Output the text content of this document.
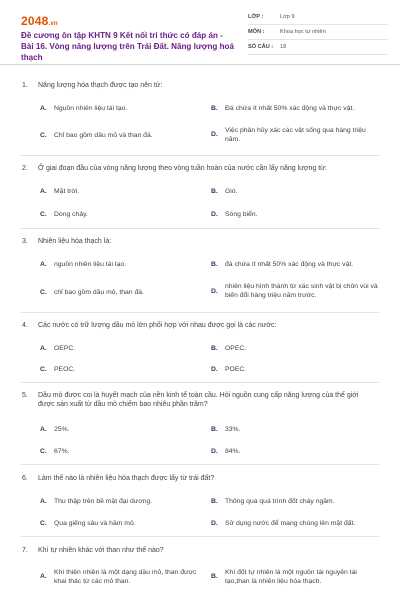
2048.vn
Đề cương ôn tập KHTN 9 Kết nối tri thức có đáp án - Bài 16. Vòng năng lượng trên Trái Đất. Năng lượng hoá thạch
LỚP :	Lớp 9
MÔN :	Khoa học tự nhiên
SỐ CÂU :	18
1. Năng lượng hóa thạch được tạo nên từ:
A. Nguồn nhiên liệu tái tạo.	B. Đá chứa ít nhất 50% xác động và thực vật.
C. Chỉ bao gồm dầu mỏ và than đá.	D.
Việc phân hủy xác các vật sống qua hàng triệu năm.
2. Ở giai đoạn đầu của vòng năng lượng theo vòng tuần hoàn của nước cần lấy năng lượng từ:
A. Mặt trời.	B. Gió.
C. Dòng chảy.	D. Sóng biển.
3. Nhiên liệu hóa thạch là:
A. nguồn nhiên liệu tái tạo.	B. đá chứa ít nhất 50% xác động và thực vật.
C. chỉ bao gồm dầu mỏ, than đá.	D.
nhiên liệu hình thành từ xác sinh vật bị chôn vùi và biến đổi hàng triệu năm trước.
4. Các nước có trữ lượng dầu mỏ lớn phối hợp với nhau được gọi là các nước:
A. OEPC.	B. OPEC.
C. PEOC.	D. POEC.
5. Dầu mỏ được coi là huyết mạch của nền kinh tế toàn cầu. Hỏi nguồn cung cấp năng lượng của thế giới được sản xuất từ dầu mỏ chiếm bao nhiêu phần trăm?
A. 25%.	B. 33%.
C. 67%.	D. 84%.
6. Làm thế nào là nhiên liệu hóa thạch được lấy từ trái đất?
A. Thu thập trên bề mặt đại dương.	B. Thông qua quá trình đốt cháy ngầm.
C. Qua giếng sâu và hầm mỏ.	D. Sử dụng nước để mang chúng lên mặt đất.
7. Khí tự nhiên khác với than như thế nào?
A.
Khí thiên nhiên là một dạng dầu mỏ, than được khai thác từ các mỏ than.
B.
Khí đốt tự nhiên là một nguồn tái nguyên tái tạo,than là nhiên liệu hóa thạch.
